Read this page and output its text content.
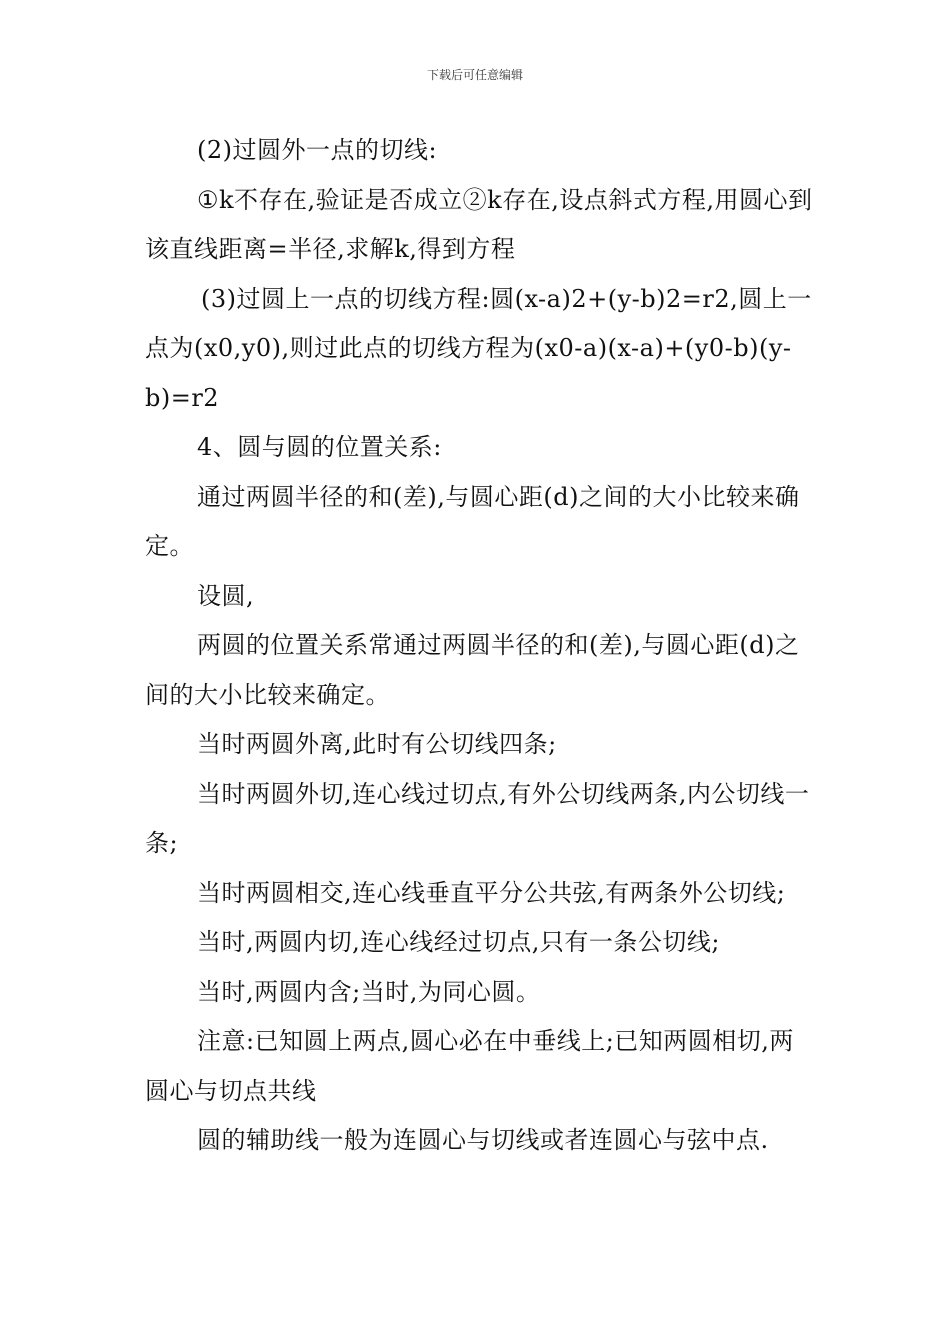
下载后可任意编辑

(2)过圆外一点的切线:

①k不存在,验证是否成立②k存在,设点斜式方程,用圆心到该直线距离=半径,求解k,得到方程

(3)过圆上一点的切线方程:圆(x-a)2+(y-b)2=r2,圆上一点为(x0,y0),则过此点的切线方程为(x0-a)(x-a)+(y0-b)(y-b)=r2

4、圆与圆的位置关系:

通过两圆半径的和(差),与圆心距(d)之间的大小比较来确定。

设圆,

两圆的位置关系常通过两圆半径的和(差),与圆心距(d)之间的大小比较来确定。

当时两圆外离,此时有公切线四条;

当时两圆外切,连心线过切点,有外公切线两条,内公切线一条;

当时两圆相交,连心线垂直平分公共弦,有两条外公切线;

当时,两圆内切,连心线经过切点,只有一条公切线;

当时,两圆内含;当时,为同心圆。

注意:已知圆上两点,圆心必在中垂线上;已知两圆相切,两圆心与切点共线

圆的辅助线一般为连圆心与切线或者连圆心与弦中点.
